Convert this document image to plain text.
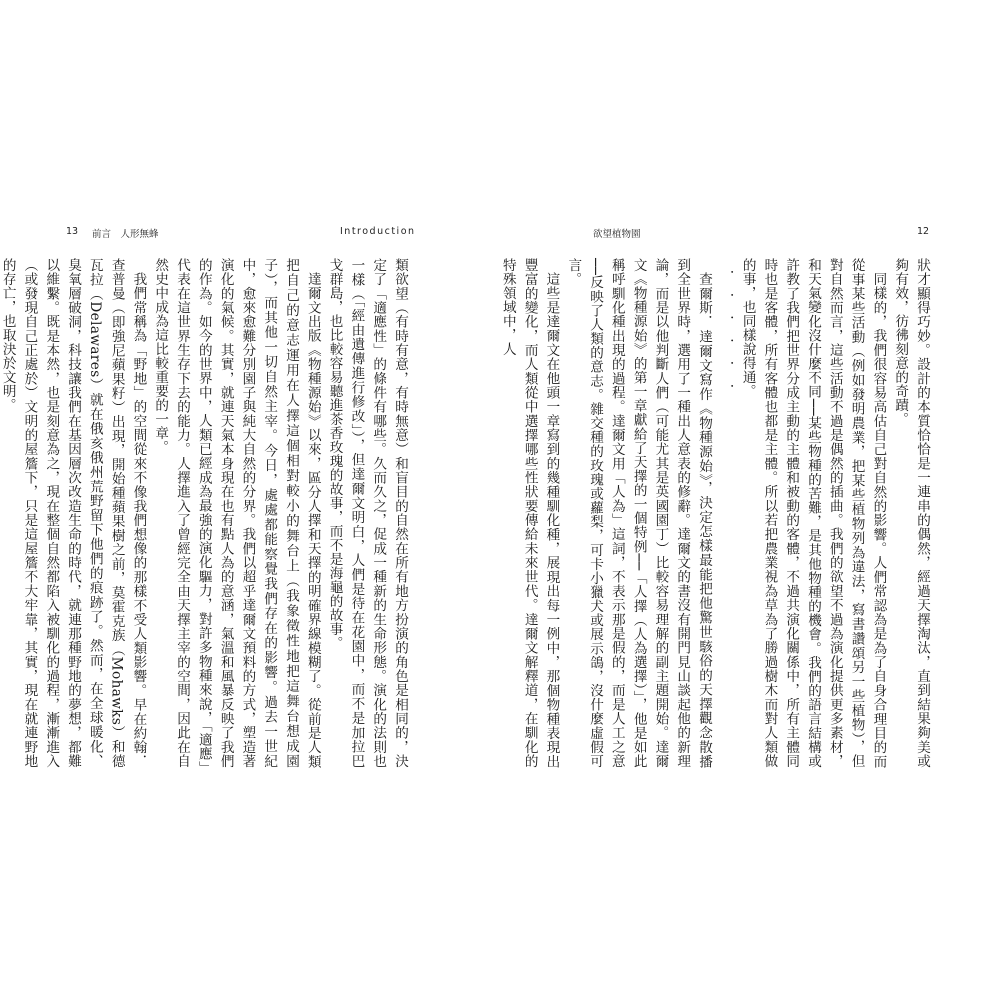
13 前言　人形無蜂	Introduction	欲望植物園	12

類欲望（有時有意，有時無意）和盲目的自然在所有地方扮演的角色是相同的，決定了「適應性」的條件有哪些。久而久之，促成一種新的生命形態。演化的法則也一樣（「經由遺傳進行修改」），但達爾文明白，人們是待在花園中，而不是加拉巴戈群島，也比較容易聽進茶香玫瑰的故事，而不是海龜的故事。

達爾文出版《物種源始》以來，區分人擇和天擇的明確界線模糊了。從前是人類把自己的意志運用在人擇這個相對較小的舞台上（我象徵性地把這舞台想成園子），而其他一切自然主宰。今日，處處都能察覺我們存在的影響。過去一世紀中，愈來愈難分別園子與純大自然的分界。我們以超乎達爾文預料的方式，塑造著演化的氣候。其實，就連天氣本身現在也有點人為的意涵，氣溫和風暴反映了我們的作為。如今的世界中，人類已經成為最強的演化驅力，對許多物種來說，「適應」代表在這世界生存下去的能力。人擇進入了曾經完全由天擇主宰的空間，因此在自然史中成為這比較重要的一章。

我們常稱為「野地」的空間從來不像我們想像的那樣不受人類影響。早在約翰．查普曼（即強尼蘋果籽）出現，開始種蘋果樹之前，莫霍克族（Mohawks）和德瓦拉（Delawares）就在俄亥俄州荒野留下他們的痕跡了。然而，在全球暖化、臭氧層破洞，科技讓我們在基因層次改造生命的時代，就連那種野地的夢想，都難以維繫。既是本然，也是刻意為之，現在整個自然都陷入被馴化的過程，漸漸進入（或發現自己正處於）文明的屋簷下，只是這屋簷不大牢靠，其實，現在就連野地的存亡，也取決於文明。	狀才顯得巧妙。設計的本質恰恰是一連串的偶然，經過天擇淘汰，直到結果夠美或夠有效，彷彿刻意的奇蹟。

同樣的，我們很容易高估自己對自然的影響。人們常認為是為了自身合理目的而從事某些活動（例如發明農業，把某些植物列為違法，寫書讚頌另一些植物），但對自然而言，這些活動不過是偶然的插曲。我們的欲望不過為演化提供更多素材，和天氣變化沒什麼不同──某些物種的苦難，是其他物種的機會。我們的語言結構或許教了我們把世界分成主動的主體和被動的客體，不過共演化關係中，所有主體同時也是客體，所有客體也都是主體。所以若把農業視為草為了勝過樹木而對人類做的事，也同樣說得通。

．．．．．．

查爾斯．達爾文寫作《物種源始》，決定怎樣最能把他驚世駭俗的天擇觀念散播到全世界時，選用了一種出人意表的修辭。達爾文的書沒有開門見山談起他的新理論，而是以他判斷人們（可能尤其是英國園丁）比較容易理解的副主題開始。達爾文《物種源始》的第一章獻給了天擇的一個特例──「人擇（人為選擇）」，他是如此稱呼馴化種出現的過程。達爾文用「人為」這詞，不表示那是假的，而是人工之意──反映了人類的意志。雜交種的玫瑰或蘿梨，可卡小獵犬或展示鴿，沒什麼虛假可言。

這些是達爾文在他頭一章寫到的幾種馴化種，展現出每一例中，那個物種表現出豐富的變化，而人類從中選擇哪些性狀要傳給未來世代。達爾文解釋道，在馴化的特殊領域中，人
